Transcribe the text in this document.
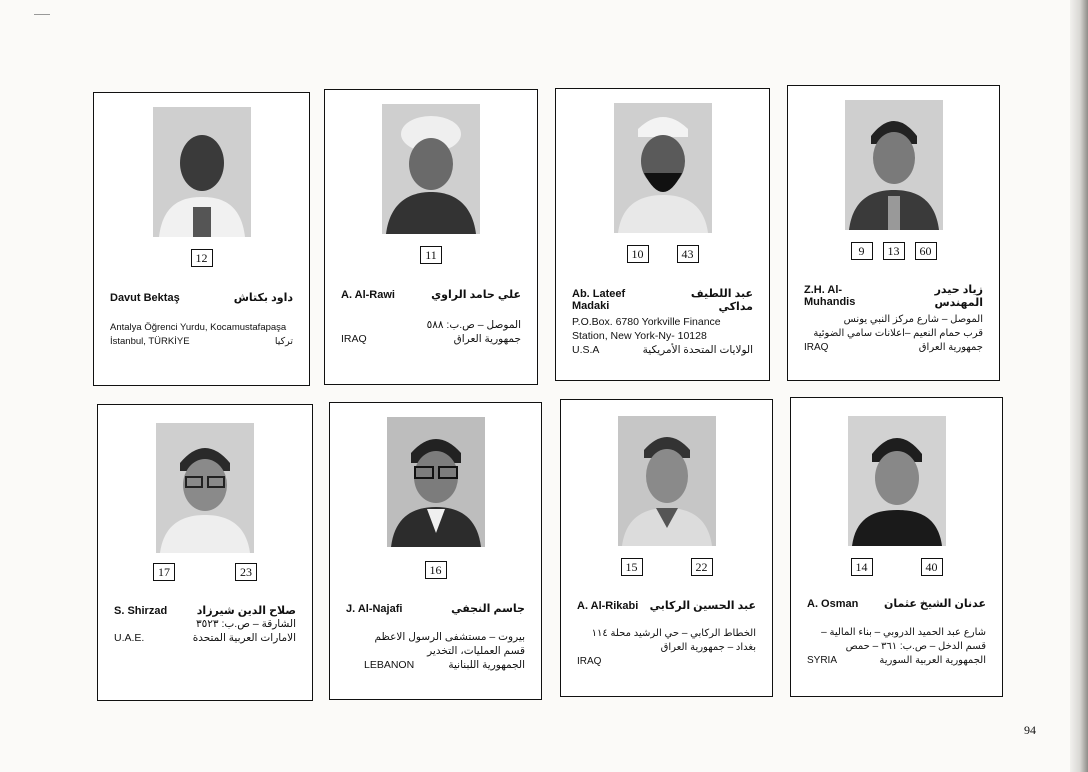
12
Davut Bektaş	داود بكتاش
Antalya Öğrenci Yurdu, Kocamustafapaşa
İstanbul, TÜRKİYE	تركيا
11
A. Al-Rawi	علي حامد الراوي
الموصل – ص.ب: ٥٨٨
IRAQ	جمهورية العراق
10	43
Ab. Lateef Madaki
عبد اللطيف مداكي
P.O.Box. 6780 Yorkville Finance
Station, New York-Ny- 10128
U.S.A	الولايات المتحدة الأمريكية
9 13 60
Z.H. Al-Muhandis
زياد حيدر المهندس
الموصل – شارع مركز النبي يونس
قرب حمام النعيم –اعلانات سامي الضوئية
IRAQ	جمهورية العراق
17	23
S. Shirzad	صلاح الدين شيرزاد
الشارقة – ص.ب: ٣٥٢٣
U.A.E.	الامارات العربية المتحدة
16
J. Al-Najafi	جاسم النجفي
بيروت – مستشفى الرسول الاعظم
قسم العمليات، التخدير
LEBANON	الجمهورية اللبنانية
15	22
A. Al-Rikabi عبد الحسين الركابي
الخطاط الركابي – حي الرشيد محلة ١١٤
بغداد – جمهورية العراق
IRAQ
14	40
A. Osman عدنان الشيخ عثمان
شارع عبد الحميد الدروبي – بناء المالية –
قسم الدخل – ص.ب: ٣٦١ – حمص
SYRIA	الجمهورية العربية السورية
94
